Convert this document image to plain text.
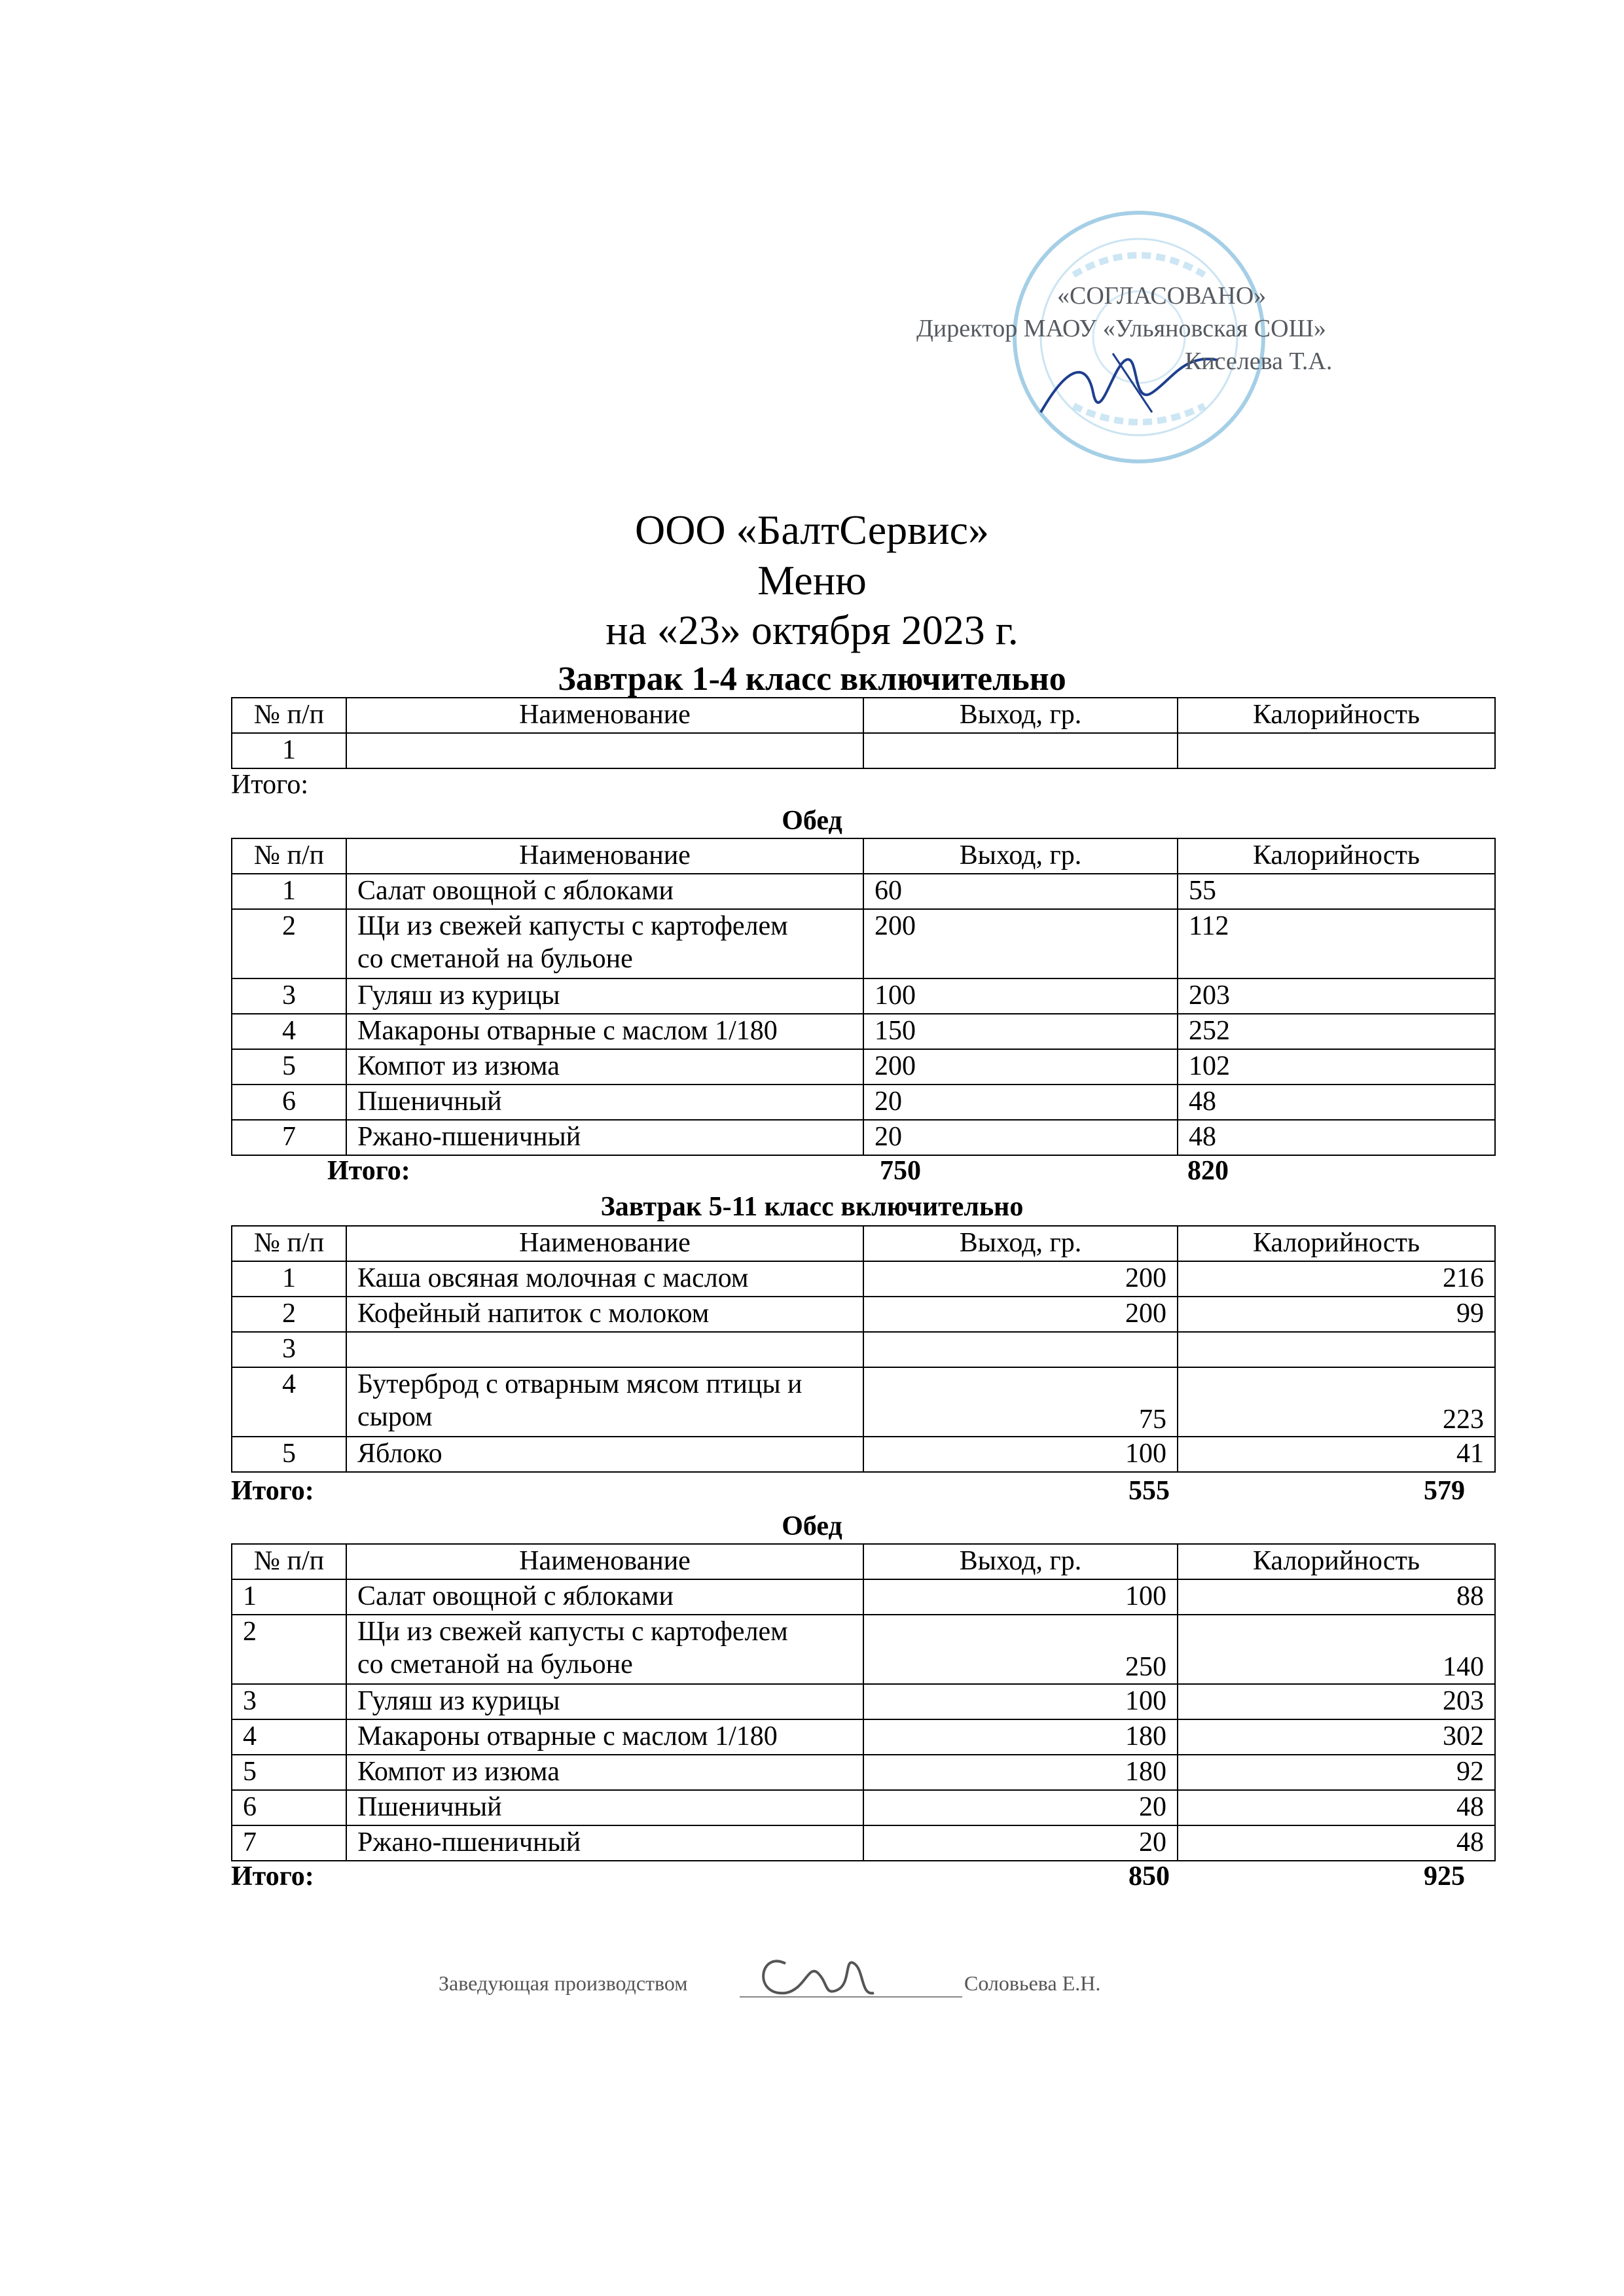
«СОГЛАСОВАНО»
Директор МАОУ «Ульяновская СОШ»
Киселева Т.А.
ООО «БалтСервис»
Меню
на «23» октября 2023 г.
Завтрак 1-4 класс включительно
№ п/п	Наименование	Выход, гр.	Калорийность
1			
Итого:
Обед
№ п/п	Наименование	Выход, гр.	Калорийность
1	Салат овощной с яблоками	60	55
2	Щи из свежей капусты с картофелем
со сметаной на бульоне	200	112
3	Гуляш из курицы	100	203
4	Макароны отварные с маслом 1/180	150	252
5	Компот из изюма	200	102
6	Пшеничный	20	48
7	Ржано-пшеничный	20	48
Итого:	750	820
Завтрак 5-11 класс включительно
№ п/п	Наименование	Выход, гр.	Калорийность
1	Каша овсяная молочная с маслом	200	216
2	Кофейный напиток с молоком	200	99
3			
4	Бутерброд с отварным мясом птицы и
сыром	75	223
5	Яблоко	100	41
Итого:	555	579
Обед
№ п/п	Наименование	Выход, гр.	Калорийность
1	Салат овощной с яблоками	100	88
2	Щи из свежей капусты с картофелем
со сметаной на бульоне	250	140
3	Гуляш из курицы	100	203
4	Макароны отварные с маслом 1/180	180	302
5	Компот из изюма	180	92
6	Пшеничный	20	48
7	Ржано-пшеничный	20	48
Итого:	850	925
Заведующая производством	Соловьева Е.Н.
